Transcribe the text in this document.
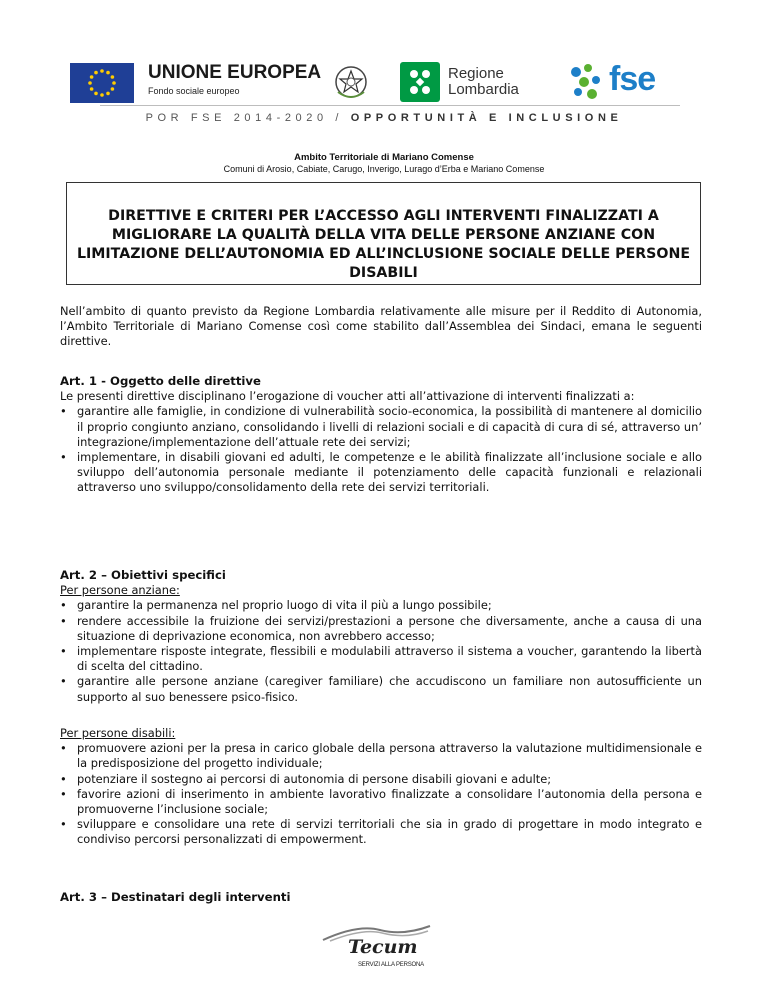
UNIONE EUROPEA
Fondo sociale europeo
Regione
Lombardia	fse
POR FSE 2014-2020 / OPPORTUNITÀ E INCLUSIONE
Ambito Territoriale di Mariano Comense
Comuni di Arosio, Cabiate, Carugo, Inverigo, Lurago d’Erba e Mariano Comense
DIRETTIVE E CRITERI PER L’ACCESSO AGLI INTERVENTI FINALIZZATI A MIGLIORARE LA QUALITÀ DELLA VITA DELLE PERSONE ANZIANE CON LIMITAZIONE DELL’AUTONOMIA ED ALL’INCLUSIONE SOCIALE DELLE PERSONE DISABILI
Nell’ambito di quanto previsto da Regione Lombardia relativamente alle misure per il Reddito di Autonomia, l’Ambito Territoriale di Mariano Comense così come stabilito dall’Assemblea dei Sindaci, emana le seguenti direttive.
Art. 1 - Oggetto delle direttive
Le presenti direttive disciplinano l’erogazione di voucher atti all’attivazione di interventi finalizzati a:
• garantire alle famiglie, in condizione di vulnerabilità socio-economica, la possibilità di mantenere al domicilio il proprio congiunto anziano, consolidando i livelli di relazioni sociali e di capacità di cura di sé, attraverso un’ integrazione/implementazione dell’attuale rete dei servizi;
• implementare, in disabili giovani ed adulti, le competenze e le abilità finalizzate all’inclusione sociale e allo sviluppo dell’autonomia personale mediante il potenziamento delle capacità funzionali e relazionali attraverso uno sviluppo/consolidamento della rete dei servizi territoriali.
Art. 2 – Obiettivi specifici
Per persone anziane:
• garantire la permanenza nel proprio luogo di vita il più a lungo possibile;
• rendere accessibile la fruizione dei servizi/prestazioni a persone che diversamente, anche a causa di una situazione di deprivazione economica, non avrebbero accesso;
• implementare risposte integrate, flessibili e modulabili attraverso il sistema a voucher, garantendo la libertà di scelta del cittadino.
• garantire alle persone anziane (caregiver familiare) che accudiscono un familiare non autosufficiente un supporto al suo benessere psico-fisico.
Per persone disabili:
• promuovere azioni per la presa in carico globale della persona attraverso la valutazione multidimensionale e la predisposizione del progetto individuale;
• potenziare il sostegno ai percorsi di autonomia di persone disabili giovani e adulte;
• favorire azioni di inserimento in ambiente lavorativo finalizzate a consolidare l’autonomia della persona e promuoverne l’inclusione sociale;
• sviluppare e consolidare una rete di servizi territoriali che sia in grado di progettare in modo integrato e condiviso percorsi personalizzati di empowerment.
Art. 3 – Destinatari degli interventi
Tecum
SERVIZI ALLA PERSONA
